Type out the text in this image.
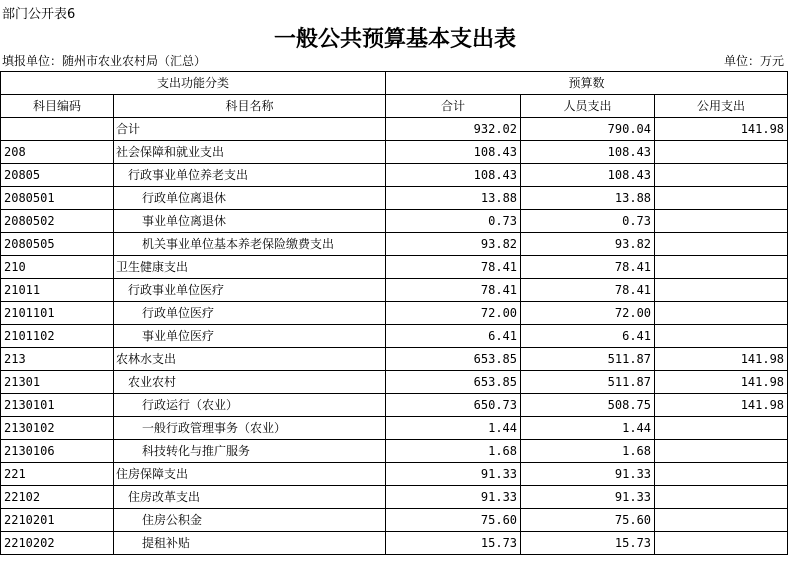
部门公开表6
一般公共预算基本支出表
填报单位：随州市农业农村局（汇总）	单位：万元
支出功能分类		预算数		
科目编码	科目名称	合计	人员支出	公用支出
	合计	932.02	790.04	141.98
208	社会保障和就业支出	108.43	108.43	
20805	行政事业单位养老支出	108.43	108.43	
2080501	行政单位离退休	13.88	13.88	
2080502	事业单位离退休	0.73	0.73	
2080505	机关事业单位基本养老保险缴费支出	93.82	93.82	
210	卫生健康支出	78.41	78.41	
21011	行政事业单位医疗	78.41	78.41	
2101101	行政单位医疗	72.00	72.00	
2101102	事业单位医疗	6.41	6.41	
213	农林水支出	653.85	511.87	141.98
21301	农业农村	653.85	511.87	141.98
2130101	行政运行（农业）	650.73	508.75	141.98
2130102	一般行政管理事务（农业）	1.44	1.44	
2130106	科技转化与推广服务	1.68	1.68	
221	住房保障支出	91.33	91.33	
22102	住房改革支出	91.33	91.33	
2210201	住房公积金	75.60	75.60	
2210202	提租补贴	15.73	15.73	
